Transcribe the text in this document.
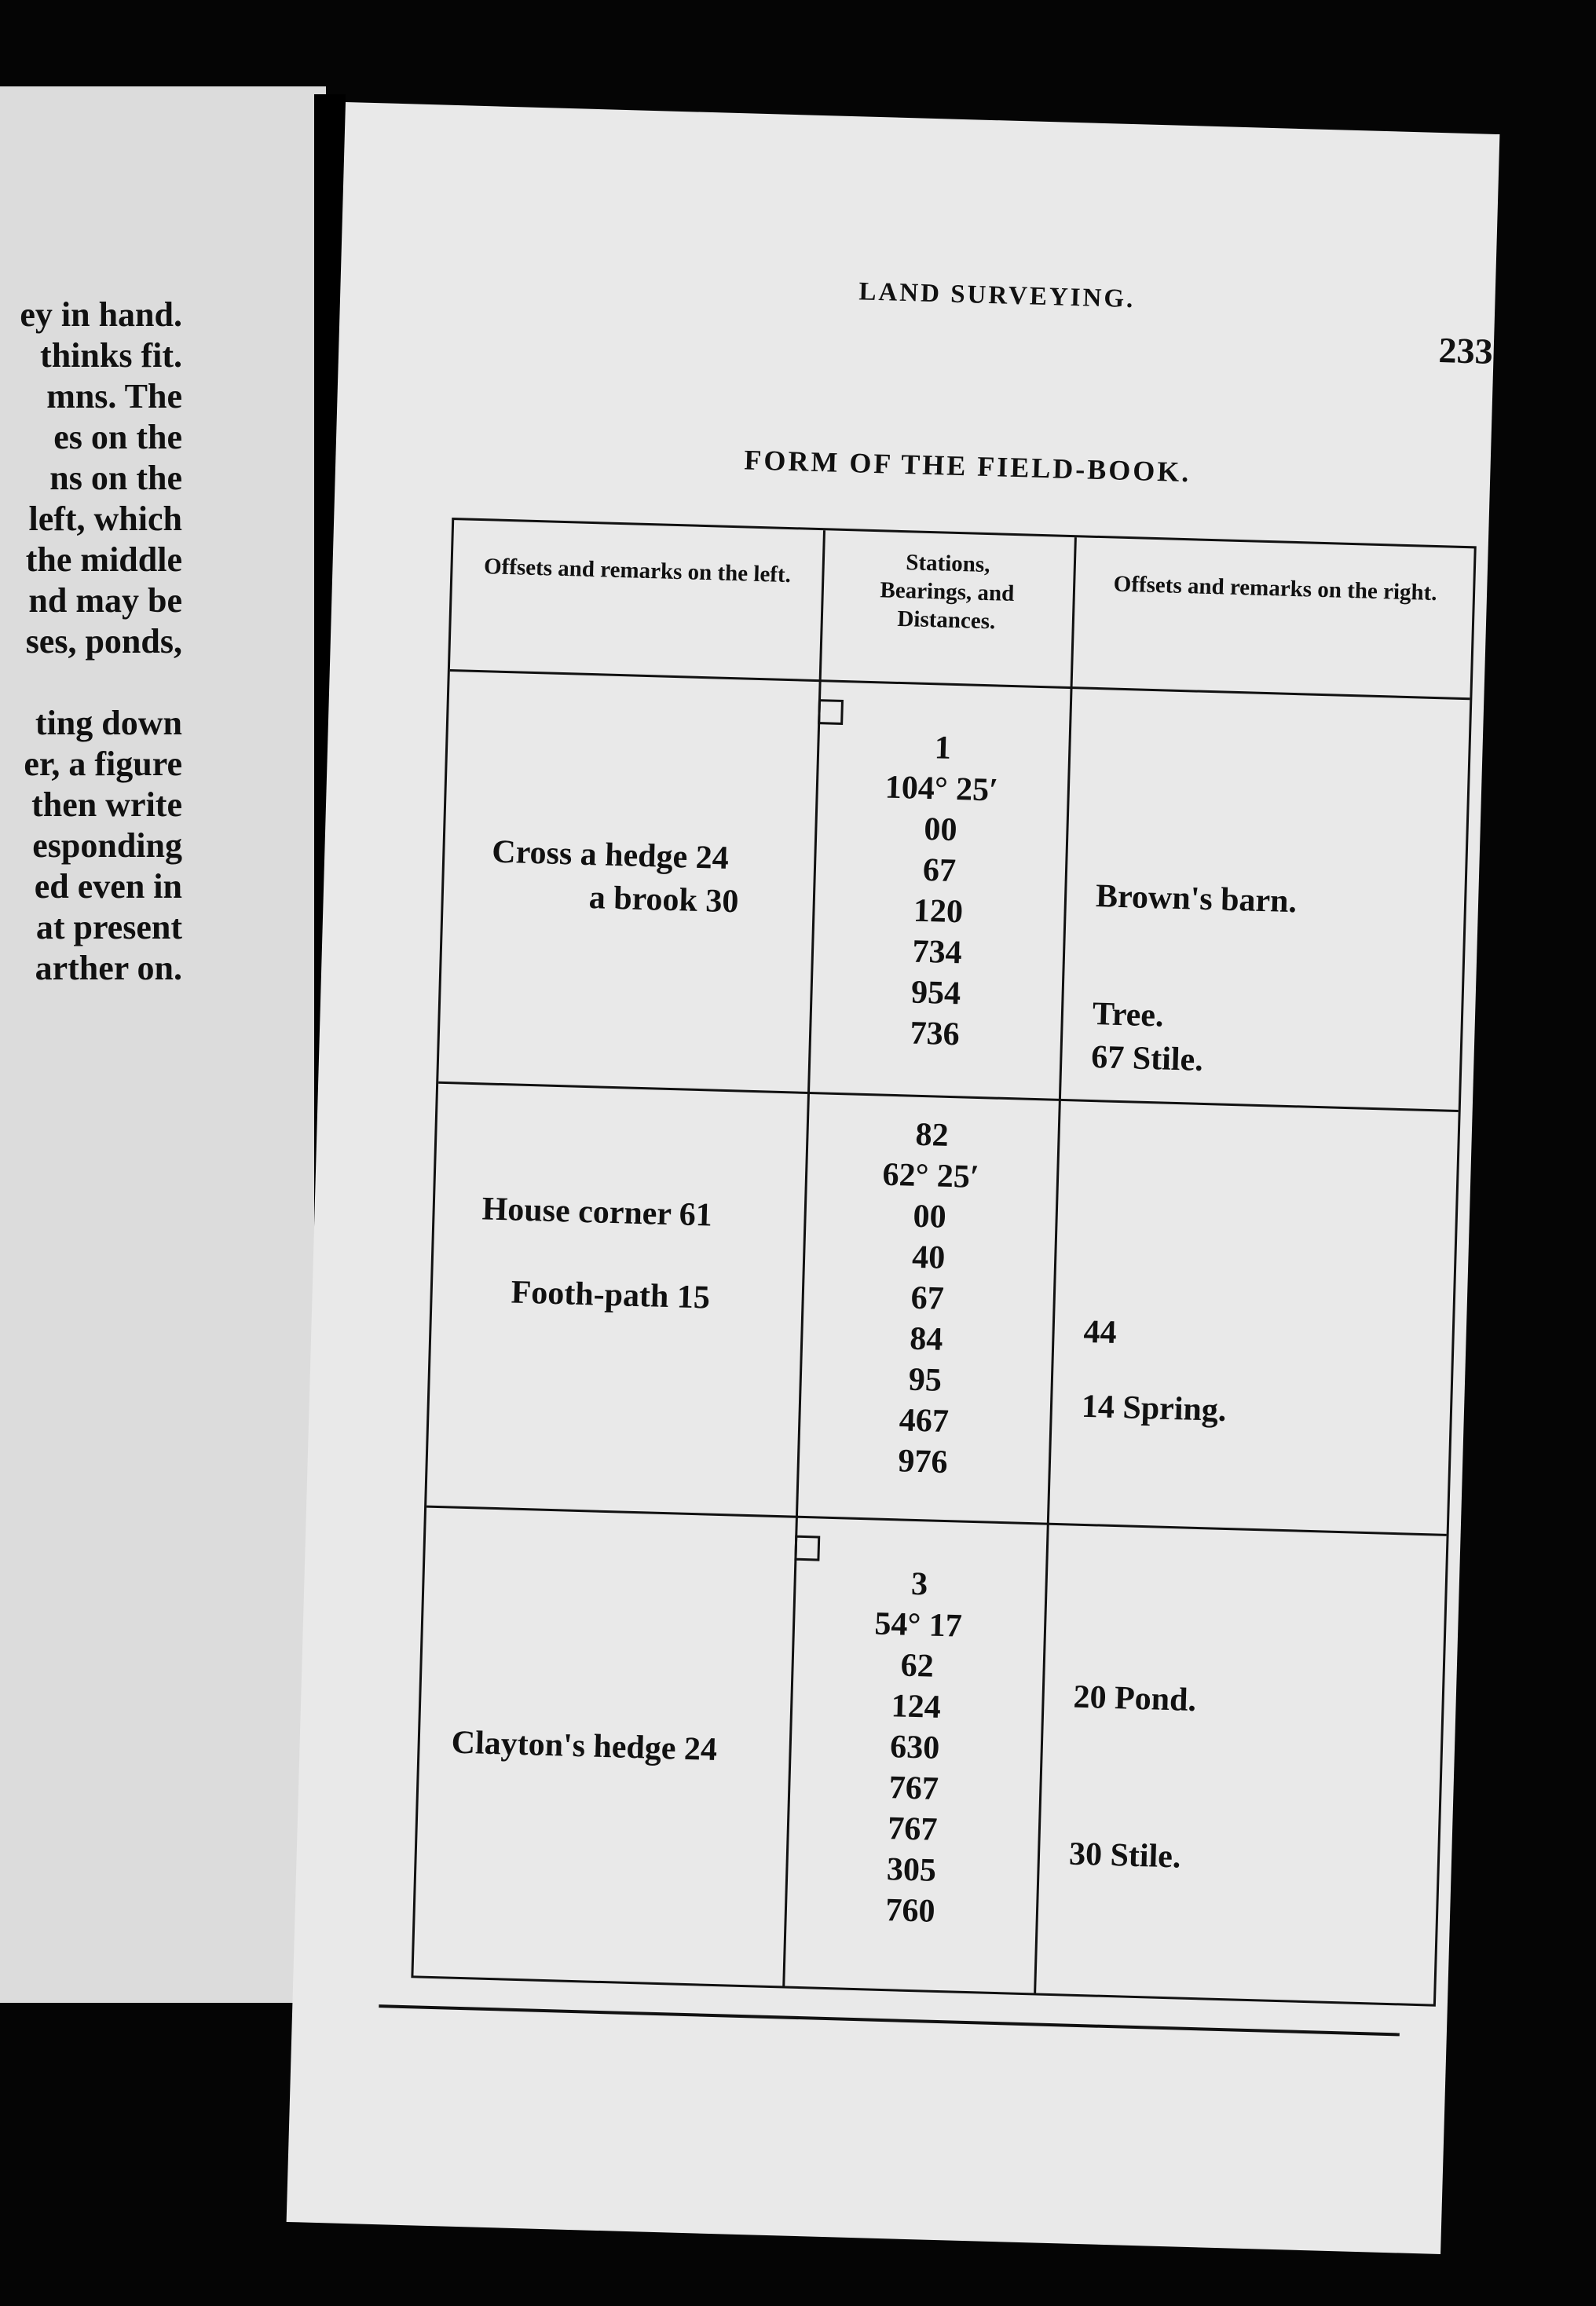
ey in hand.
thinks fit.
mns. The
es on the
ns on the
left, which
the middle
nd may be
ses, ponds,

ting down
er, a figure
then write
esponding
ed even in
at present
arther on.
LAND SURVEYING.
233
FORM OF THE FIELD-BOOK.
Offsets and remarks on the left.	Stations, Bearings, and Distances.
Offsets and remarks on the right.
1
104° 25′
00
67
120
734
954
736
Cross a hedge 24
a brook 30	Brown's barn.
Tree.
67 Stile.
82
62° 25′
00
40
67
84
95
467
976
House corner 61
Footh-path 15
44
14 Spring.
3
54° 17
62
124
630
767
767
305
760
Clayton's hedge 24
20 Pond.
30 Stile.
